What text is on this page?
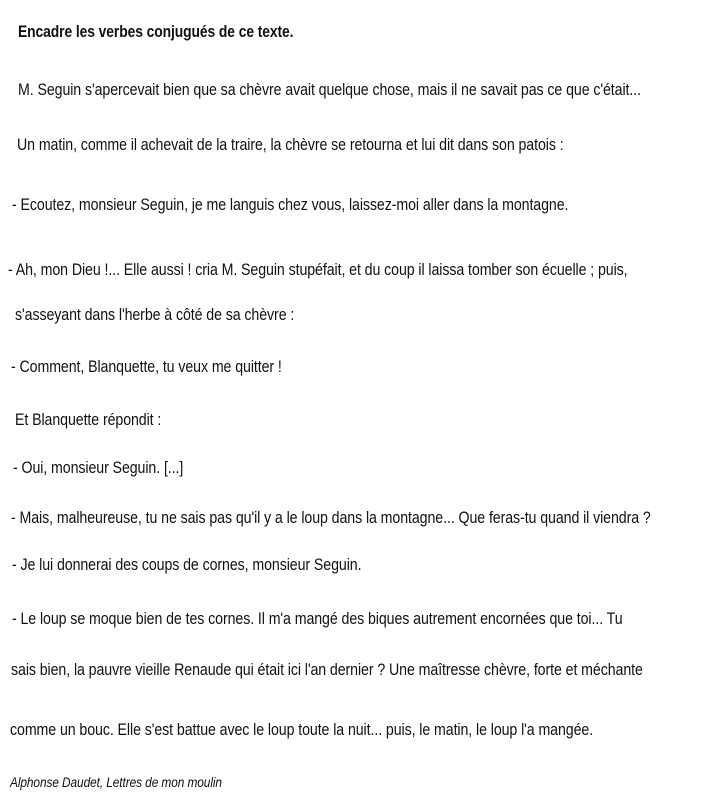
Encadre les verbes conjugués de ce texte.
M. Seguin s'apercevait bien que sa chèvre avait quelque chose, mais il ne savait pas ce que c'était...
Un matin, comme il achevait de la traire, la chèvre se retourna et lui dit dans son patois :
- Ecoutez, monsieur Seguin, je me languis chez vous, laissez-moi aller dans la montagne.
- Ah, mon Dieu !... Elle aussi ! cria M. Seguin stupéfait, et du coup il laissa tomber son écuelle ; puis,
s'asseyant dans l'herbe à côté de sa chèvre :
- Comment, Blanquette, tu veux me quitter !
Et Blanquette répondit :
- Oui, monsieur Seguin. [...]
- Mais, malheureuse, tu ne sais pas qu'il y a le loup dans la montagne... Que feras-tu quand il viendra ?
- Je lui donnerai des coups de cornes, monsieur Seguin.
- Le loup se moque bien de tes cornes. Il m'a mangé des biques autrement encornées que toi... Tu
sais bien, la pauvre vieille Renaude qui était ici l'an dernier ? Une maîtresse chèvre, forte et méchante
comme un bouc. Elle s'est battue avec le loup toute la nuit... puis, le matin, le loup l'a mangée.
Alphonse Daudet, Lettres de mon moulin
